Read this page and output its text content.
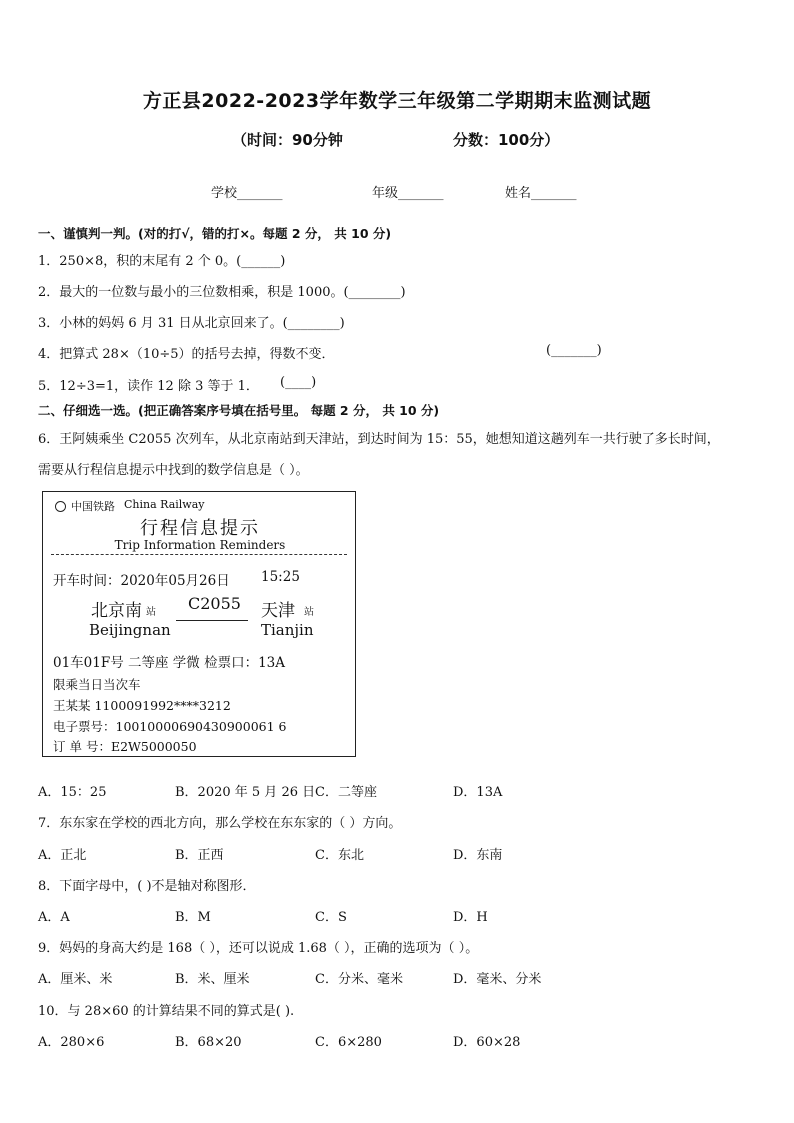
方正县2022-2023学年数学三年级第二学期期末监测试题
（时间：90分钟	分数：100分）
学校_______	年级_______	姓名_______
一、谨慎判一判。(对的打√，错的打×。每题 2 分， 共 10 分)
1．250×8，积的末尾有 2 个 0。(______)
2．最大的一位数与最小的三位数相乘，积是 1000。(________)
3．小林的妈妈 6 月 31 日从北京回来了。(________)
4．把算式 28×（10÷5）的括号去掉，得数不变．	(_______)
5．12÷3=1，读作 12 除 3 等于 1． (____)
二、仔细选一选。(把正确答案序号填在括号里。 每题 2 分， 共 10 分)
6．王阿姨乘坐 C2055 次列车，从北京南站到天津站，到达时间为 15：55，她想知道这趟列车一共行驶了多长时间，
需要从行程信息提示中找到的数学信息是（ ）。
中国铁路 China Railway
行程信息提示
Trip Information Reminders
开车时间：2020年05月26日 15:25
北京南 站
Beijingnan
C2055 天津 站
Tianjin
01车01F号 二等座 学微 检票口：13A
限乘当日当次车
王某某 1100091992****3212
电子票号：10010000690430900061 6
订 单 号：E2W5000050
A．15：25	B．2020 年 5 月 26 日 C．二等座	D．13A
7．东东家在学校的西北方向，那么学校在东东家的（ ）方向。
A．正北	B．正西	C．东北	D．东南
8．下面字母中，( )不是轴对称图形．
A．A	B．M	C．S	D．H
9．妈妈的身高大约是 168（ ），还可以说成 1.68（ ），正确的选项为（ ）。
A．厘米、米	B．米、厘米	C．分米、毫米	D．毫米、分米
10．与 28×60 的计算结果不同的算式是( ).
A．280×6	B．68×20	C．6×280	D．60×28
